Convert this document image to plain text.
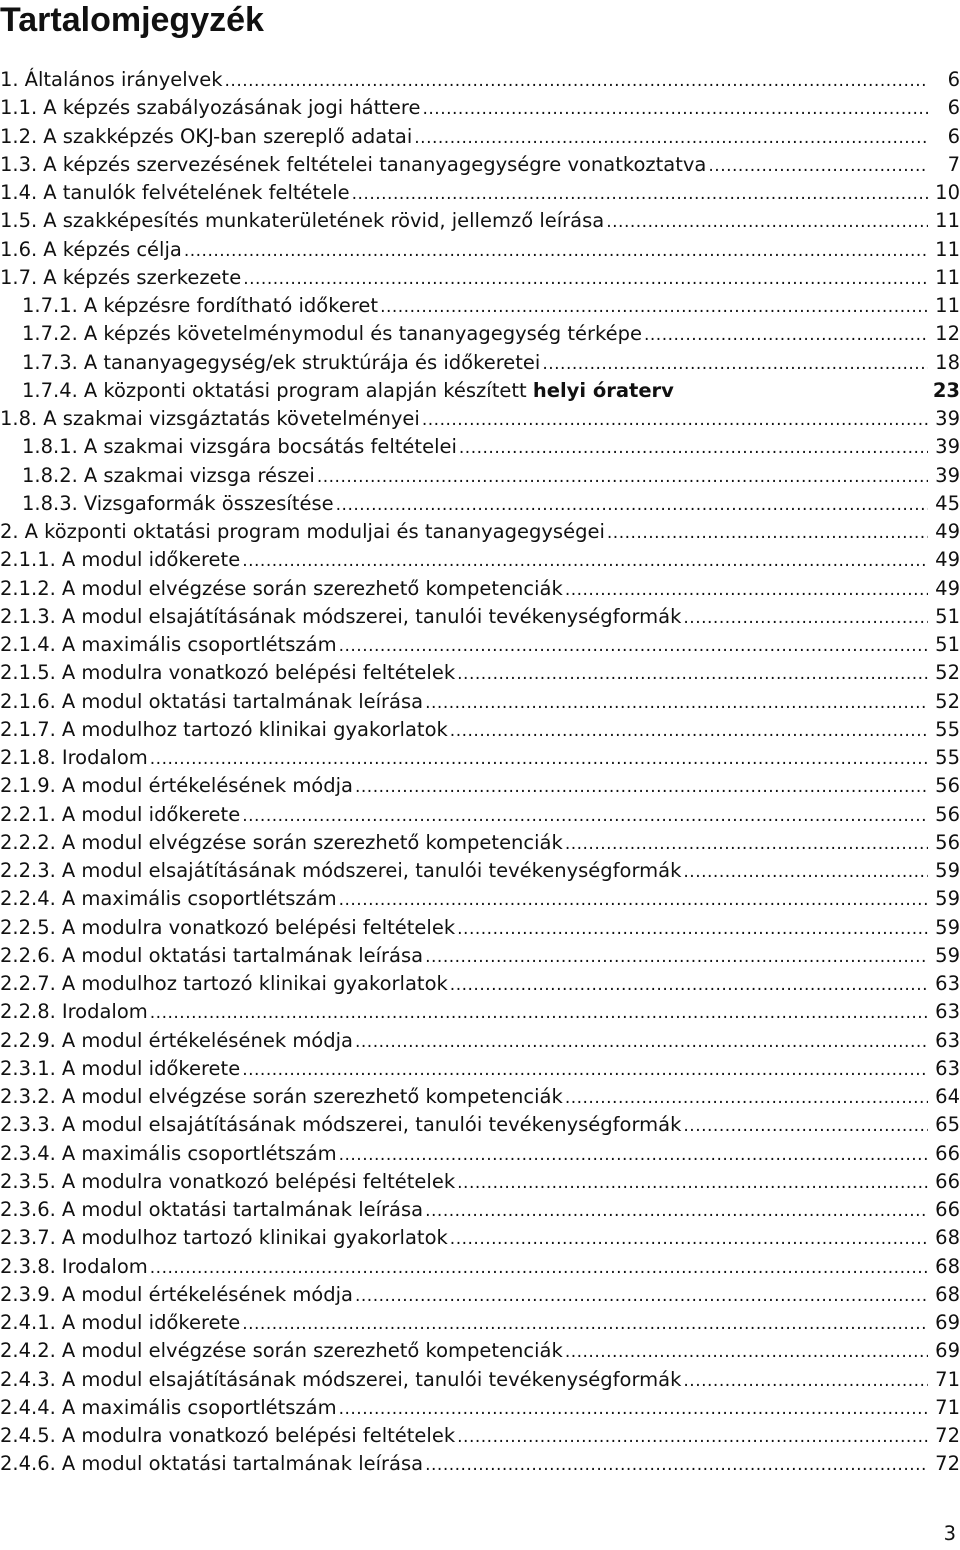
Tartalomjegyzék
1. Általános irányelvek .....	6
1.1. A képzés szabályozásának jogi háttere .....	6
1.2. A szakképzés OKJ-ban szereplő adatai .....	6
1.3. A képzés szervezésének feltételei tananyagegységre vonatkoztatva .....	7
1.4. A tanulók felvételének feltétele .....	10
1.5. A szakképesítés munkaterületének rövid, jellemző leírása .....	11
1.6. A képzés célja .....	11
1.7. A képzés szerkezete .....	11
1.7.1. A képzésre fordítható időkeret .....	11
1.7.2. A képzés követelménymodul és tananyagegység térképe .....	12
1.7.3. A tananyagegység/ek struktúrája és időkeretei .....	18
1.7.4. A központi oktatási program alapján készített helyi óraterv	23
1.8. A szakmai vizsgáztatás követelményei .....	39
1.8.1. A szakmai vizsgára bocsátás feltételei .....	39
1.8.2. A szakmai vizsga részei .....	39
1.8.3. Vizsgaformák összesítése .....	45
2. A központi oktatási program moduljai és tananyagegységei .....	49
2.1.1. A modul időkerete .....	49
2.1.2. A modul elvégzése során szerezhető kompetenciák .....	49
2.1.3. A modul elsajátításának módszerei, tanulói tevékenységformák .....	51
2.1.4. A maximális csoportlétszám .....	51
2.1.5. A modulra vonatkozó belépési feltételek .....	52
2.1.6. A modul oktatási tartalmának leírása .....	52
2.1.7. A modulhoz tartozó klinikai gyakorlatok .....	55
2.1.8. Irodalom .....	55
2.1.9. A modul értékelésének módja .....	56
2.2.1. A modul időkerete .....	56
2.2.2. A modul elvégzése során szerezhető kompetenciák .....	56
2.2.3. A modul elsajátításának módszerei, tanulói tevékenységformák .....	59
2.2.4. A maximális csoportlétszám .....	59
2.2.5. A modulra vonatkozó belépési feltételek .....	59
2.2.6. A modul oktatási tartalmának leírása .....	59
2.2.7. A modulhoz tartozó klinikai gyakorlatok .....	63
2.2.8. Irodalom .....	63
2.2.9. A modul értékelésének módja .....	63
2.3.1. A modul időkerete .....	63
2.3.2. A modul elvégzése során szerezhető kompetenciák .....	64
2.3.3. A modul elsajátításának módszerei, tanulói tevékenységformák .....	65
2.3.4. A maximális csoportlétszám .....	66
2.3.5. A modulra vonatkozó belépési feltételek .....	66
2.3.6. A modul oktatási tartalmának leírása .....	66
2.3.7. A modulhoz tartozó klinikai gyakorlatok .....	68
2.3.8. Irodalom .....	68
2.3.9. A modul értékelésének módja .....	68
2.4.1. A modul időkerete .....	69
2.4.2. A modul elvégzése során szerezhető kompetenciák .....	69
2.4.3. A modul elsajátításának módszerei, tanulói tevékenységformák .....	71
2.4.4. A maximális csoportlétszám .....	71
2.4.5. A modulra vonatkozó belépési feltételek .....	72
2.4.6. A modul oktatási tartalmának leírása .....	72
3
